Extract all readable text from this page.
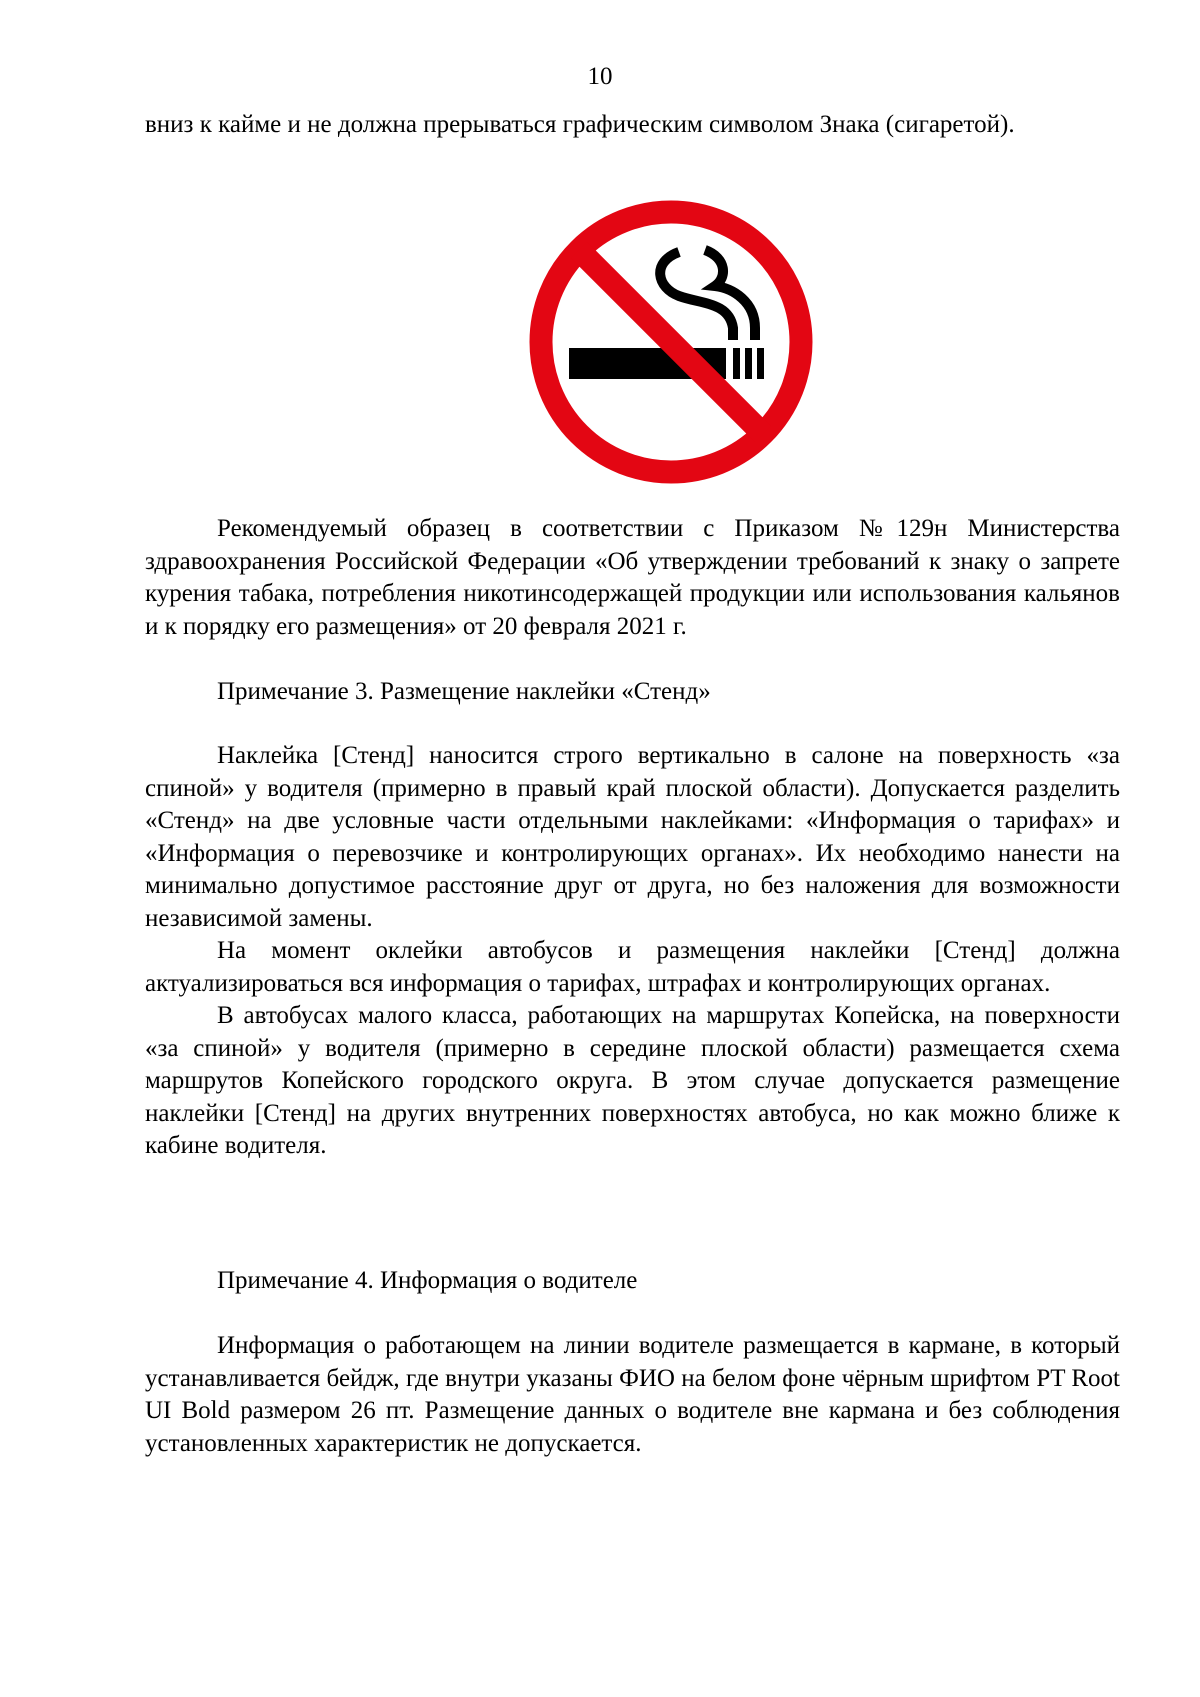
10

вниз к кайме и не должна прерываться графическим символом Знака (сигаретой).

Рекомендуемый образец в соответствии с Приказом №129н Министерства здравоохранения Российской Федерации «Об утверждении требований к знаку о запрете курения табака, потребления никотинсодержащей продукции или использования кальянов и к порядку его размещения» от 20 февраля 2021 г.

Примечание 3. Размещение наклейки «Стенд»

Наклейка [Стенд] наносится строго вертикально в салоне на поверхность «за спиной» у водителя (примерно в правый край плоской области). Допускается разделить «Стенд» на две условные части отдельными наклейками: «Информация о тарифах» и «Информация о перевозчике и контролирующих органах». Их необходимо нанести на минимально допустимое расстояние друг от друга, но без наложения для возможности независимой замены.

На момент оклейки автобусов и размещения наклейки [Стенд] должна актуализироваться вся информация о тарифах, штрафах и контролирующих органах.

В автобусах малого класса, работающих на маршрутах Копейска, на поверхности «за спиной» у водителя (примерно в середине плоской области) размещается схема маршрутов Копейского городского округа. В этом случае допускается размещение наклейки [Стенд] на других внутренних поверхностях автобуса, но как можно ближе к кабине водителя.

Примечание 4. Информация о водителе

Информация о работающем на линии водителе размещается в кармане, в который устанавливается бейдж, где внутри указаны ФИО на белом фоне чёрным шрифтом PT Root UI Bold размером 26 пт. Размещение данных о водителе вне кармана и без соблюдения установленных характеристик не допускается.
